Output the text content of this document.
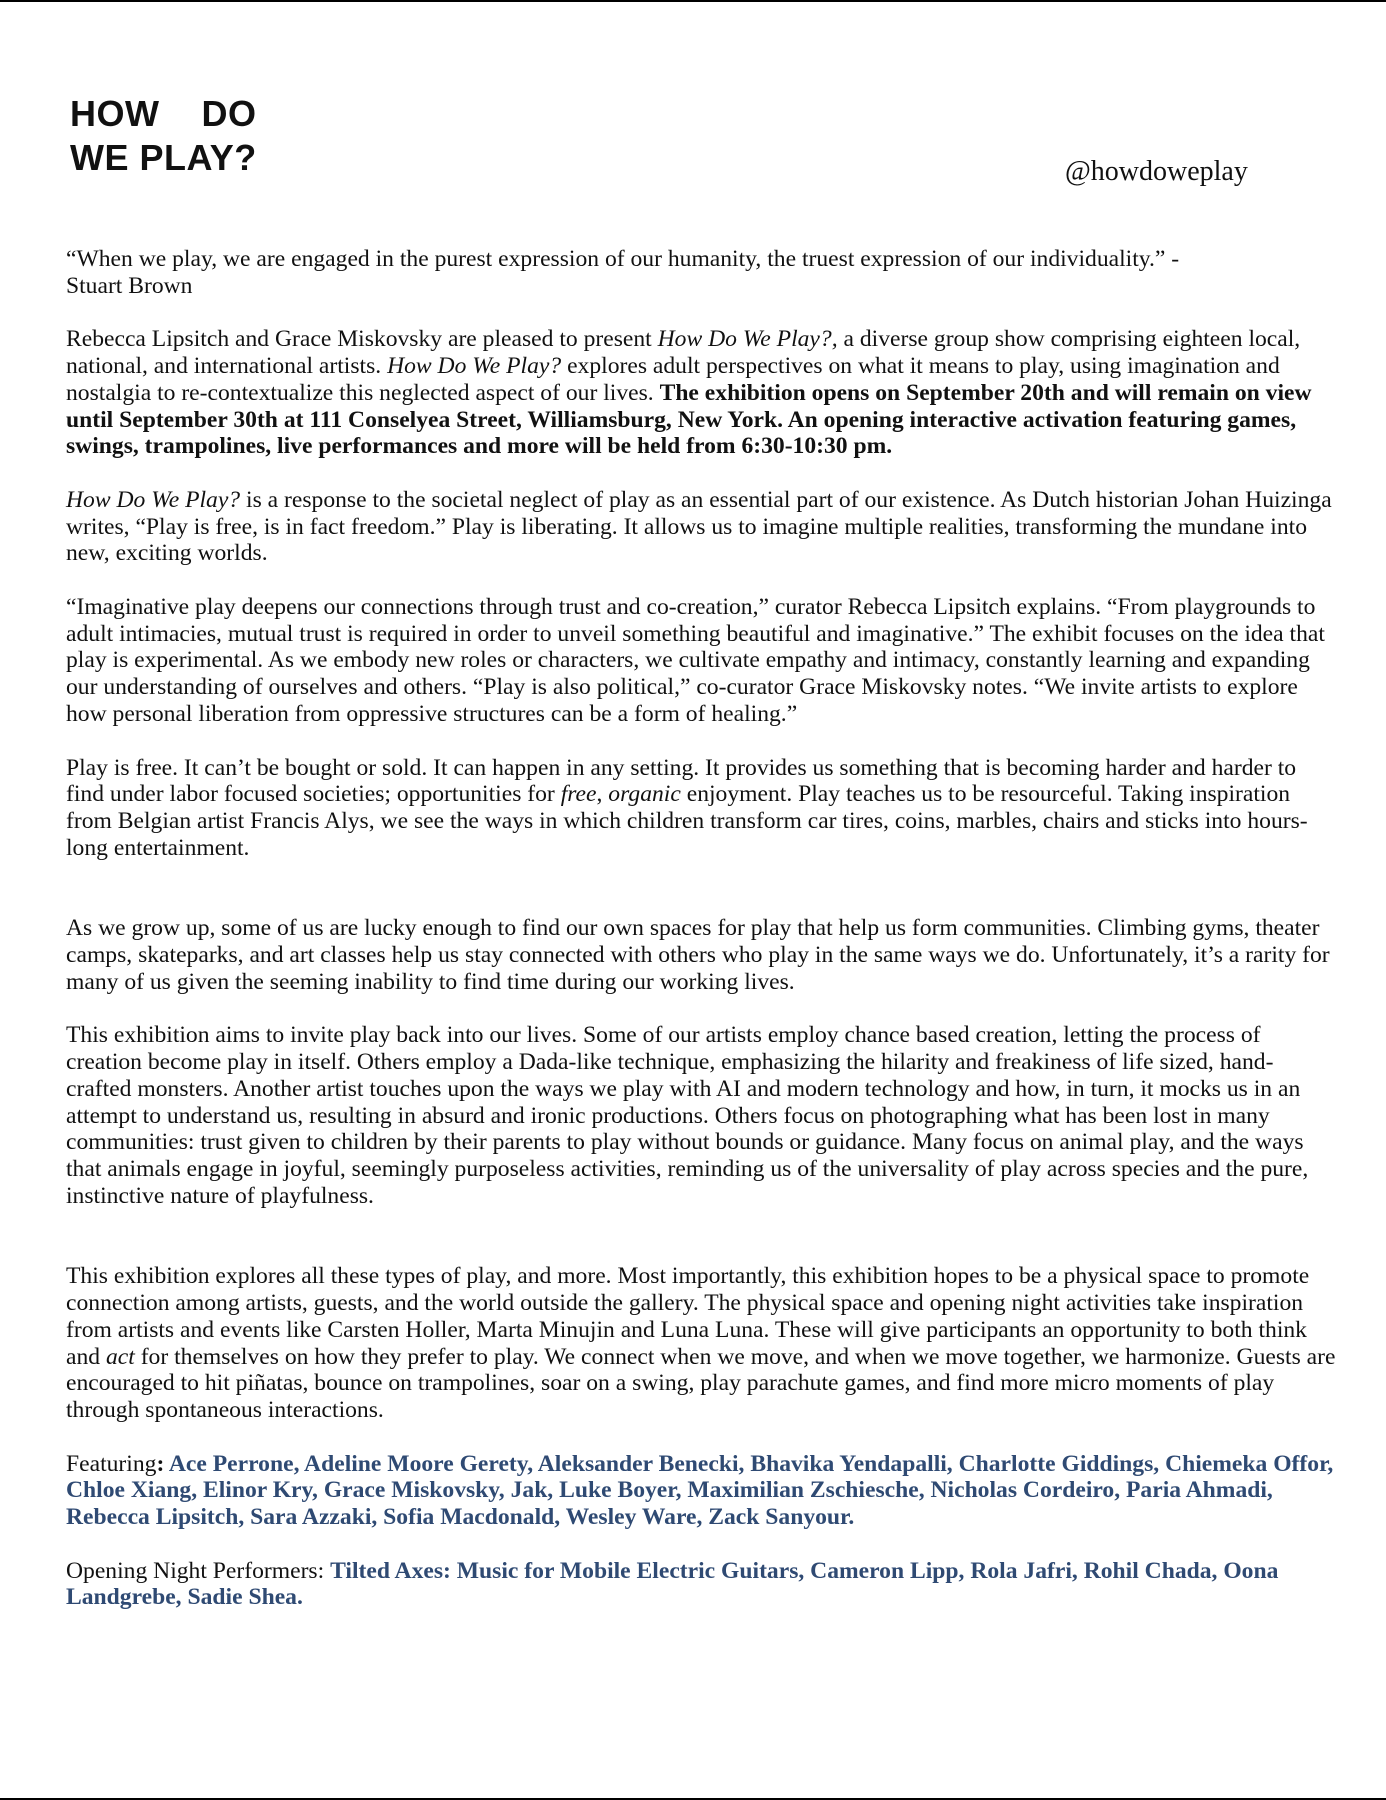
HOW    DO
WE PLAY?	@howdoweplay

“When we play, we are engaged in the purest expression of our humanity, the truest expression of our individuality.” -
Stuart Brown

Rebecca Lipsitch and Grace Miskovsky are pleased to present How Do We Play?, a diverse group show comprising eighteen local, national, and international artists. How Do We Play? explores adult perspectives on what it means to play, using imagination and nostalgia to re-contextualize this neglected aspect of our lives. The exhibition opens on September 20th and will remain on view until September 30th at 111 Conselyea Street, Williamsburg, New York. An opening interactive activation featuring games, swings, trampolines, live performances and more will be held from 6:30-10:30 pm.

How Do We Play? is a response to the societal neglect of play as an essential part of our existence. As Dutch historian Johan Huizinga writes, “Play is free, is in fact freedom.” Play is liberating. It allows us to imagine multiple realities, transforming the mundane into new, exciting worlds.

“Imaginative play deepens our connections through trust and co-creation,” curator Rebecca Lipsitch explains. “From playgrounds to adult intimacies, mutual trust is required in order to unveil something beautiful and imaginative.” The exhibit focuses on the idea that play is experimental. As we embody new roles or characters, we cultivate empathy and intimacy, constantly learning and expanding our understanding of ourselves and others. “Play is also political,” co-curator Grace Miskovsky notes. “We invite artists to explore how personal liberation from oppressive structures can be a form of healing.”

Play is free. It can’t be bought or sold. It can happen in any setting. It provides us something that is becoming harder and harder to find under labor focused societies; opportunities for free, organic enjoyment. Play teaches us to be resourceful. Taking inspiration from Belgian artist Francis Alys, we see the ways in which children transform car tires, coins, marbles, chairs and sticks into hours-long entertainment.

As we grow up, some of us are lucky enough to find our own spaces for play that help us form communities. Climbing gyms, theater camps, skateparks, and art classes help us stay connected with others who play in the same ways we do. Unfortunately, it’s a rarity for many of us given the seeming inability to find time during our working lives.

This exhibition aims to invite play back into our lives. Some of our artists employ chance based creation, letting the process of creation become play in itself. Others employ a Dada-like technique, emphasizing the hilarity and freakiness of life sized, hand-crafted monsters. Another artist touches upon the ways we play with AI and modern technology and how, in turn, it mocks us in an attempt to understand us, resulting in absurd and ironic productions. Others focus on photographing what has been lost in many communities: trust given to children by their parents to play without bounds or guidance. Many focus on animal play, and the ways that animals engage in joyful, seemingly purposeless activities, reminding us of the universality of play across species and the pure, instinctive nature of playfulness.

This exhibition explores all these types of play, and more. Most importantly, this exhibition hopes to be a physical space to promote connection among artists, guests, and the world outside the gallery. The physical space and opening night activities take inspiration from artists and events like Carsten Holler, Marta Minujin and Luna Luna. These will give participants an opportunity to both think and act for themselves on how they prefer to play. We connect when we move, and when we move together, we harmonize. Guests are encouraged to hit piñatas, bounce on trampolines, soar on a swing, play parachute games, and find more micro moments of play through spontaneous interactions.

Featuring: Ace Perrone, Adeline Moore Gerety, Aleksander Benecki, Bhavika Yendapalli, Charlotte Giddings, Chiemeka Offor, Chloe Xiang, Elinor Kry, Grace Miskovsky, Jak, Luke Boyer, Maximilian Zschiesche, Nicholas Cordeiro, Paria Ahmadi, Rebecca Lipsitch, Sara Azzaki, Sofia Macdonald, Wesley Ware, Zack Sanyour.

Opening Night Performers: Tilted Axes: Music for Mobile Electric Guitars, Cameron Lipp, Rola Jafri, Rohil Chada, Oona Landgrebe, Sadie Shea.
